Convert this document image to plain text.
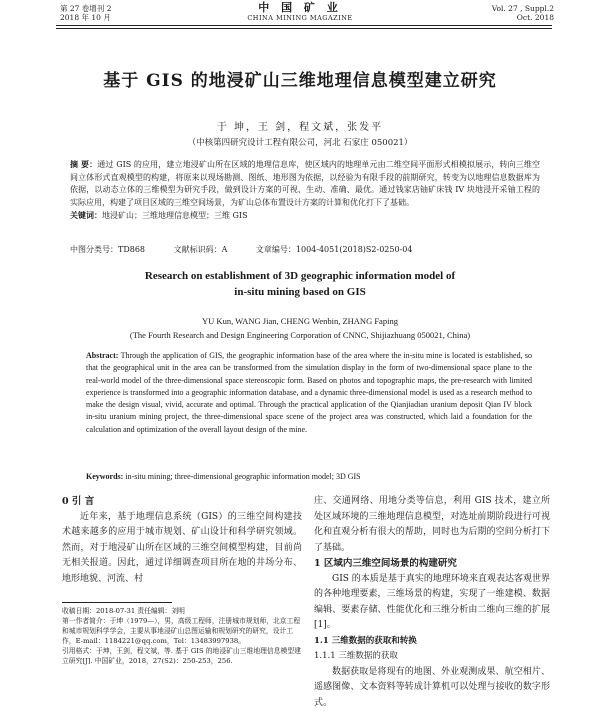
第 27 卷增刊 2
2018 年 10 月
中 国 矿 业
CHINA MINING MAGAZINE
Vol. 27 , Suppl.2
Oct. 2018
基于 GIS 的地浸矿山三维地理信息模型建立研究
于 坤，王 剑，程文斌，张发平
（中核第四研究设计工程有限公司，河北 石家庄 050021）
摘 要：通过 GIS 的应用，建立地浸矿山所在区域的地理信息库，使区域内的地理单元由二维空间平面形式相模拟展示，转向三维空间立体形式直观模型的构建，将原来以现场勘测、图纸、地形图为依据，以经验为有限手段的前期研究，转变为以地理信息数据库为依据，以动态立体的三维模型为研究手段，做到设计方案的可视、生动、准确、最优。通过钱家店铀矿床钱 IV 块地浸开采铀工程的实际应用，构建了项目区域的三维空间场景，为矿山总体布置设计方案的计算和优化打下了基础。
关键词：地浸矿山；三维地理信息模型；三维 GIS
中图分类号：TD868	文献标识码：A	文章编号：1004-4051(2018)S2-0250-04
Research on establishment of 3D geographic information model of
in-situ mining based on GIS
YU Kun, WANG Jian, CHENG Wenbin, ZHANG Faping
(The Fourth Research and Design Engineering Corporation of CNNC, Shijiazhuang 050021, China)
Abstract: Through the application of GIS, the geographic information base of the area where the in-situ mine is located is established, so that the geographical unit in the area can be transformed from the simulation display in the form of two-dimensional space plane to the real-world model of the three-dimensional space stereoscopic form. Based on photos and topographic maps, the pre-research with limited experience is transformed into a geographic information database, and a dynamic three-dimensional model is used as a research method to make the design visual, vivid, accurate and optimal. Through the practical application of the Qianjiadian uranium deposit Qian IV block in-situ uranium mining project, the three-dimensional space scene of the project area was constructed, which laid a foundation for the calculation and optimization of the overall layout design of the mine.
Keywords: in-situ mining; three-dimensional geographic information model; 3D GIS

0 引 言

近年来，基于地理信息系统（GIS）的三维空间构建技术越来越多的应用于城市规划、矿山设计和科学研究领域。然而，对于地浸矿山所在区域的三维空间模型构建，目前尚无相关报道。因此，通过详细调查项目所在地的井场分布、地形地貌、河流、村

收稿日期：2018-07-31 责任编辑：刘明
第一作者简介：于坤（1979—），男，高级工程师，注册城市规划师，北京工程和城市规划科学学会，主要从事地浸矿山总图运输和规划研究的研究，设计工作，E-mail：1184221@qq.com，Tel：13483997938。
引用格式：于坤，王剑，程文斌，等. 基于 GIS 的地浸矿山三维地理信息模型建立研究[J]. 中国矿业，2018，27(S2)：250-253，256.

庄、交通网络、用地分类等信息，利用 GIS 技术，建立所处区域环境的三维地理信息模型，对选址前期阶段进行可视化和直观分析有很大的帮助，同时也为后期的空间分析打下了基础。

1 区域内三维空间场景的构建研究

GIS 的本质是基于真实的地理环境来直观表达客观世界的各种地理要素，三维场景的构建，实现了一维建模、数据编辑、要素存储、性能优化和三维分析由二维向三维的扩展[1]。

1.1 三维数据的获取和转换

1.1.1 三维数据的获取

数据获取是将现有的地图、外业观测成果、航空相片、遥感图像、文本资料等转成计算机可以处理与接收的数字形式。
